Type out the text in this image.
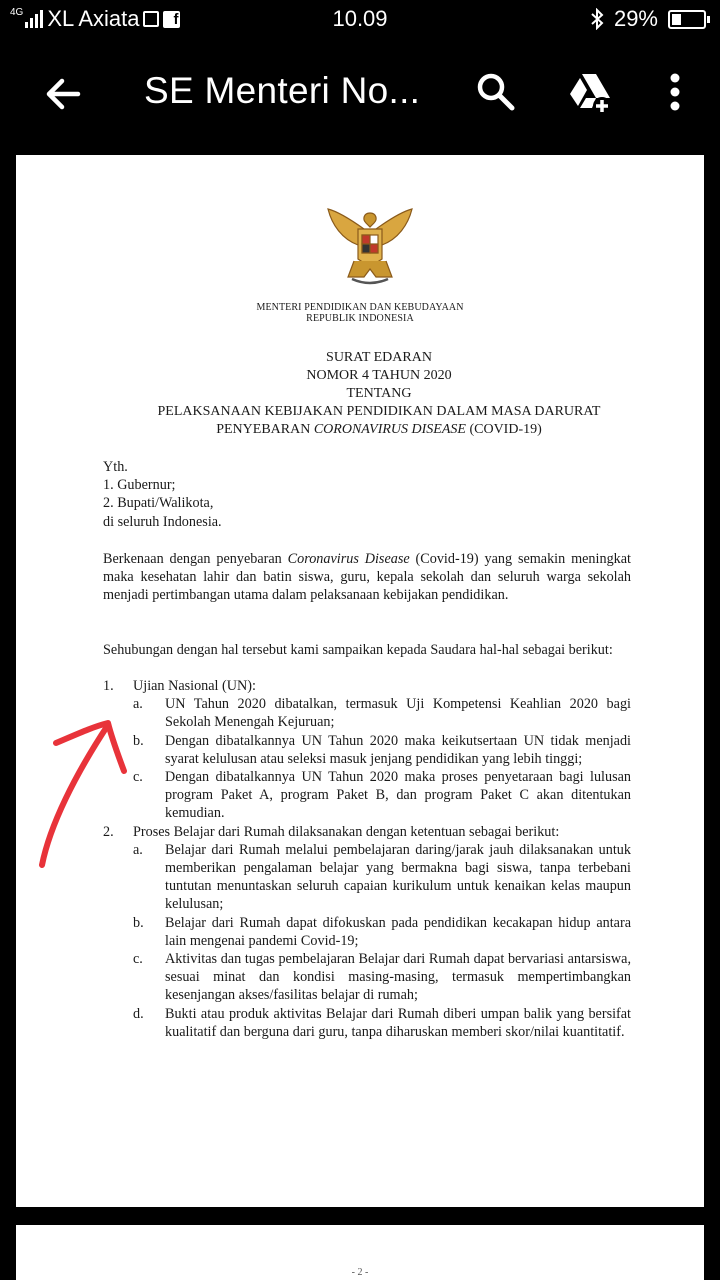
4G XL Axiata	f	10.09	29%
SE Menteri No...
MENTERI PENDIDIKAN DAN KEBUDAYAAN
REPUBLIK INDONESIA
SURAT EDARAN
NOMOR 4 TAHUN 2020
TENTANG
PELAKSANAAN KEBIJAKAN PENDIDIKAN DALAM MASA DARURAT
PENYEBARAN CORONAVIRUS DISEASE (COVID-19)
Yth.
1. Gubernur;
2. Bupati/Walikota,
di seluruh Indonesia.
Berkenaan dengan penyebaran Coronavirus Disease (Covid-19) yang semakin meningkat maka kesehatan lahir dan batin siswa, guru, kepala sekolah dan seluruh warga sekolah menjadi pertimbangan utama dalam pelaksanaan kebijakan pendidikan.
Sehubungan dengan hal tersebut kami sampaikan kepada Saudara hal-hal sebagai berikut:
1. Ujian Nasional (UN):
a. UN Tahun 2020 dibatalkan, termasuk Uji Kompetensi Keahlian 2020 bagi Sekolah Menengah Kejuruan;
b. Dengan dibatalkannya UN Tahun 2020 maka keikutsertaan UN tidak menjadi syarat kelulusan atau seleksi masuk jenjang pendidikan yang lebih tinggi;
c. Dengan dibatalkannya UN Tahun 2020 maka proses penyetaraan bagi lulusan program Paket A, program Paket B, dan program Paket C akan ditentukan kemudian.
2. Proses Belajar dari Rumah dilaksanakan dengan ketentuan sebagai berikut:
a. Belajar dari Rumah melalui pembelajaran daring/jarak jauh dilaksanakan untuk memberikan pengalaman belajar yang bermakna bagi siswa, tanpa terbebani tuntutan menuntaskan seluruh capaian kurikulum untuk kenaikan kelas maupun kelulusan;
b. Belajar dari Rumah dapat difokuskan pada pendidikan kecakapan hidup antara lain mengenai pandemi Covid-19;
c. Aktivitas dan tugas pembelajaran Belajar dari Rumah dapat bervariasi antarsiswa, sesuai minat dan kondisi masing-masing, termasuk mempertimbangkan kesenjangan akses/fasilitas belajar di rumah;
d. Bukti atau produk aktivitas Belajar dari Rumah diberi umpan balik yang bersifat kualitatif dan berguna dari guru, tanpa diharuskan memberi skor/nilai kuantitatif.
- 2 -
